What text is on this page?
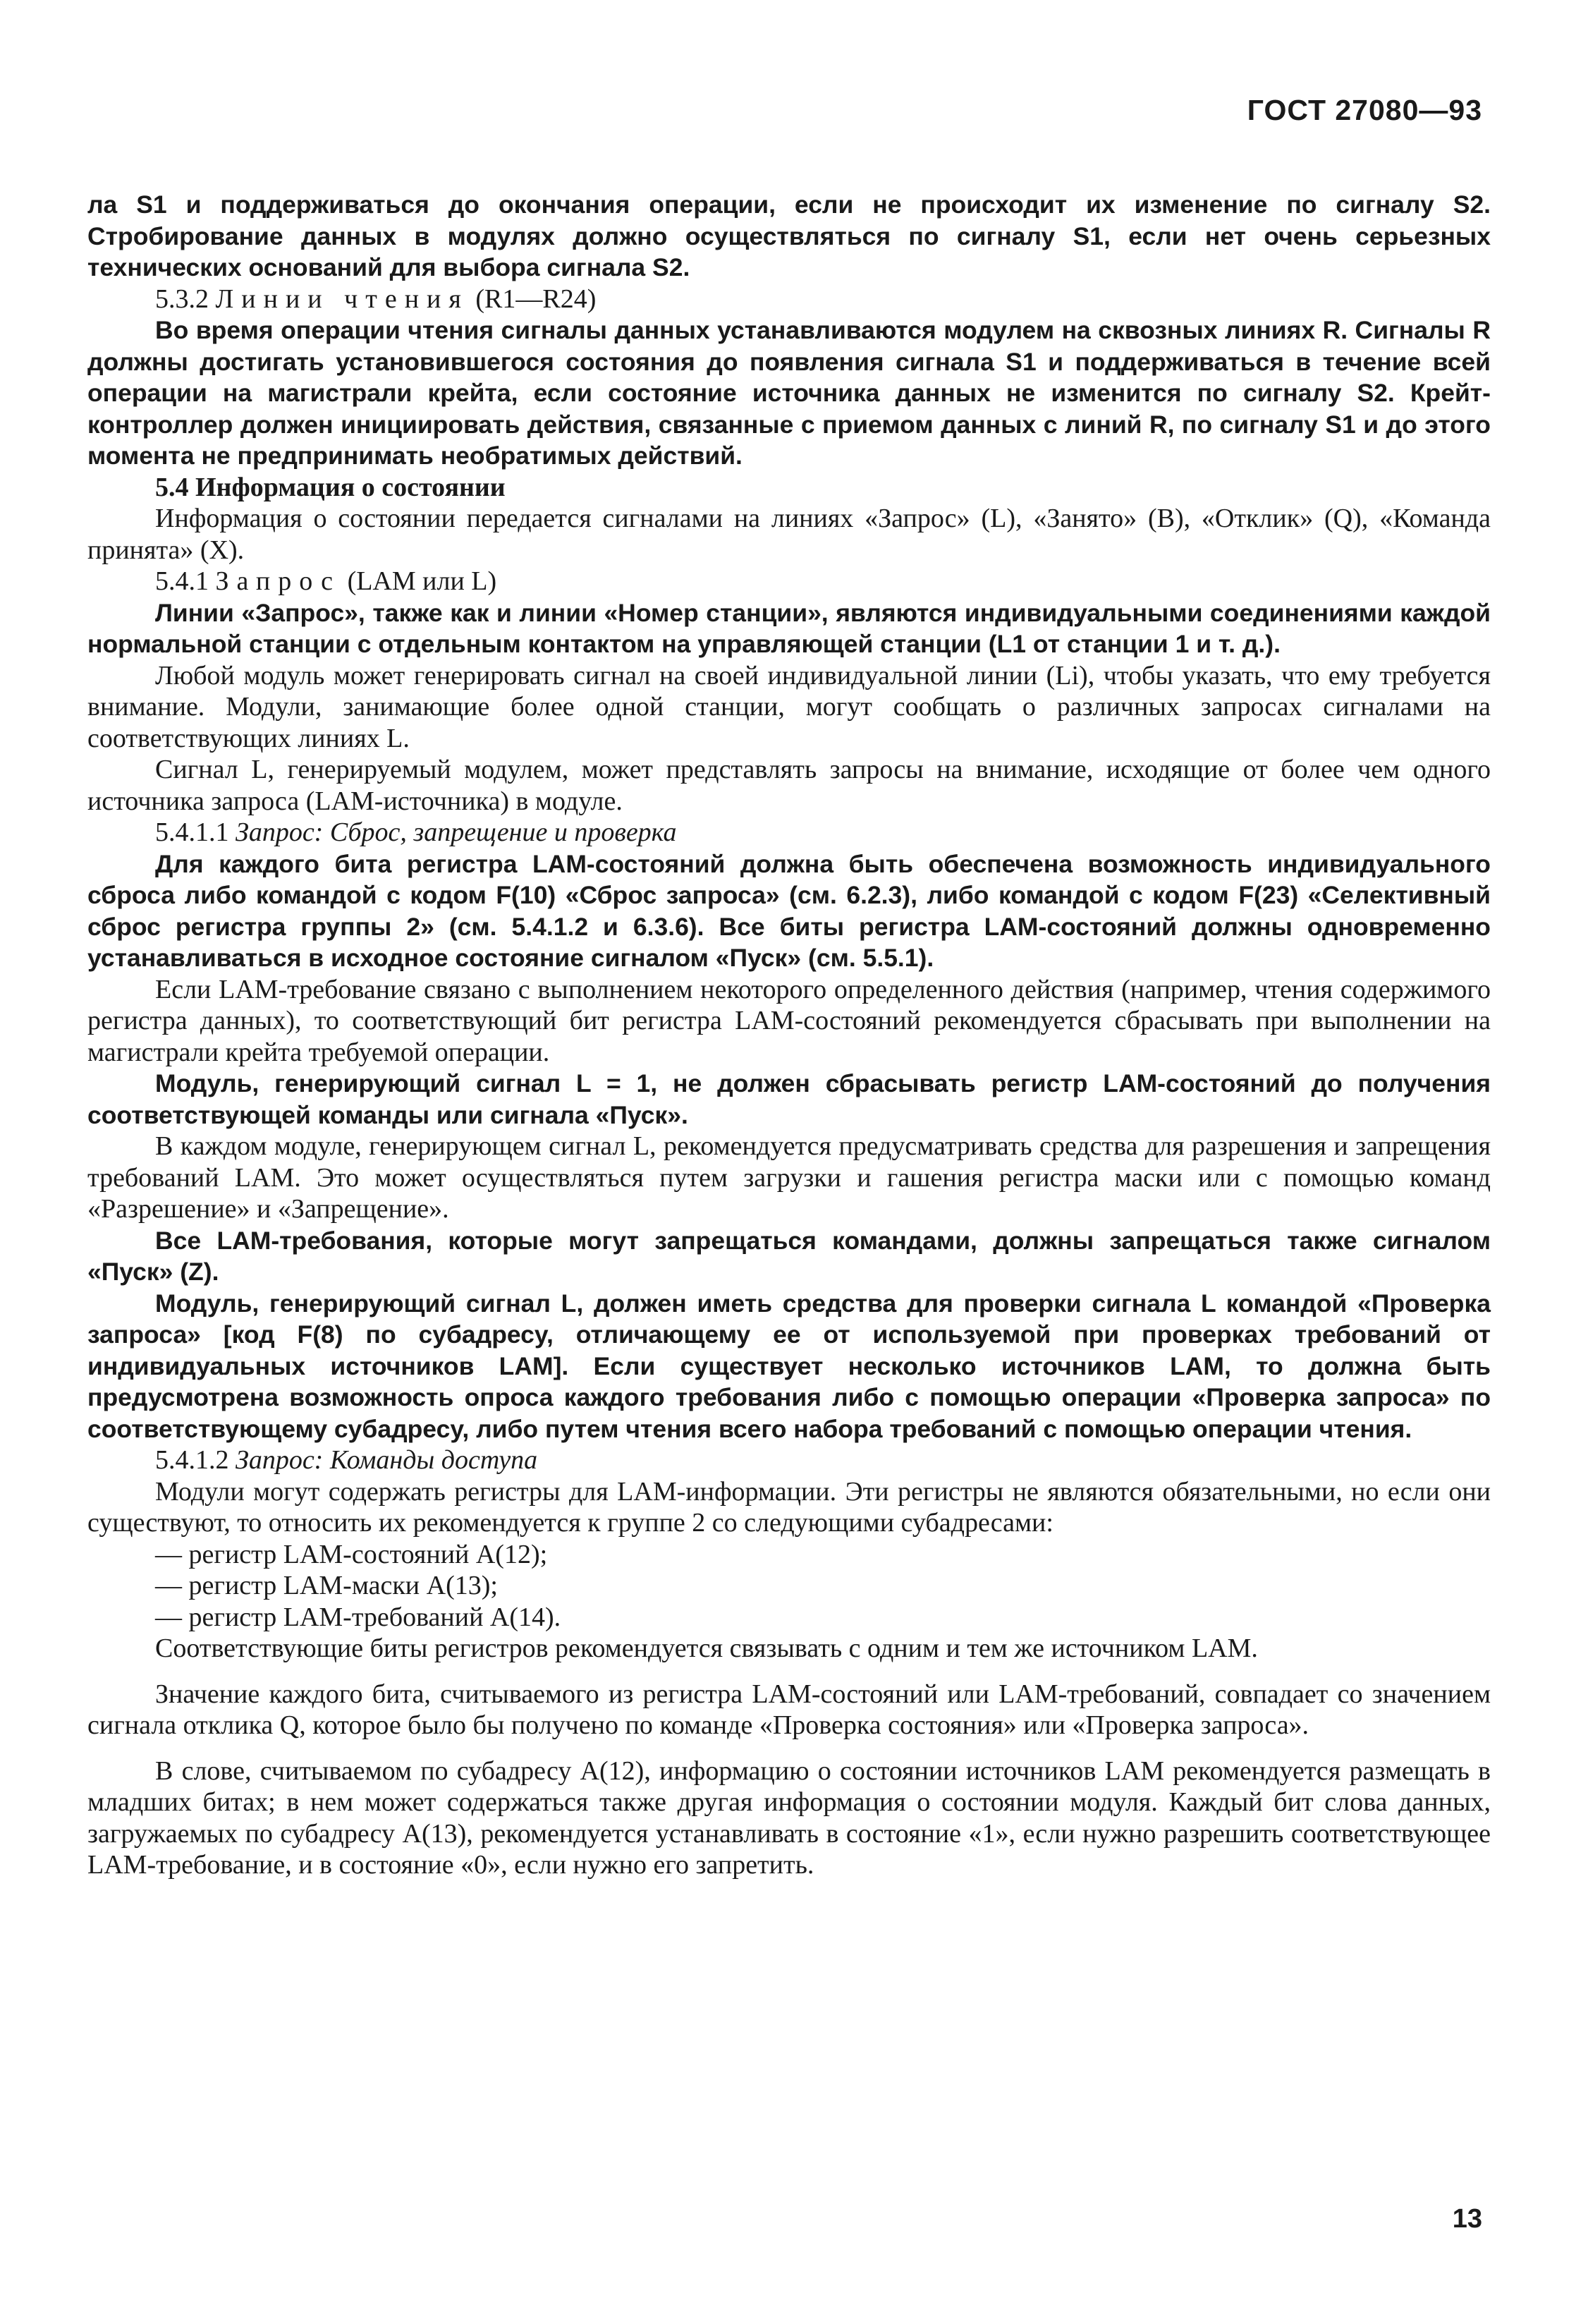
ГОСТ 27080—93

ла S1 и поддерживаться до окончания операции, если не происходит их изменение по сигналу S2. Стробирование данных в модулях должно осуществляться по сигналу S1, если нет очень серьезных технических оснований для выбора сигнала S2.

5.3.2 Линии чтения (R1—R24)

Во время операции чтения сигналы данных устанавливаются модулем на сквозных линиях R. Сигналы R должны достигать установившегося состояния до появления сигнала S1 и поддерживаться в течение всей операции на магистрали крейта, если состояние источника данных не изменится по сигналу S2. Крейт-контроллер должен инициировать действия, связанные с приемом данных с линий R, по сигналу S1 и до этого момента не предпринимать необратимых действий.

5.4 Информация о состоянии

Информация о состоянии передается сигналами на линиях «Запрос» (L), «Занято» (В), «Отклик» (Q), «Команда принята» (X).

5.4.1 Запрос (LAM или L)

Линии «Запрос», также как и линии «Номер станции», являются индивидуальными соединениями каждой нормальной станции с отдельным контактом на управляющей станции (L1 от станции 1 и т. д.).

Любой модуль может генерировать сигнал на своей индивидуальной линии (Li), чтобы указать, что ему требуется внимание. Модули, занимающие более одной станции, могут сообщать о различных запросах сигналами на соответствующих линиях L.

Сигнал L, генерируемый модулем, может представлять запросы на внимание, исходящие от более чем одного источника запроса (LAM-источника) в модуле.

5.4.1.1 Запрос: Сброс, запрещение и проверка

Для каждого бита регистра LAM-состояний должна быть обеспечена возможность индивидуального сброса либо командой с кодом F(10) «Сброс запроса» (см. 6.2.3), либо командой с кодом F(23) «Селективный сброс регистра группы 2» (см. 5.4.1.2 и 6.3.6). Все биты регистра LAM-состояний должны одновременно устанавливаться в исходное состояние сигналом «Пуск» (см. 5.5.1).

Если LAM-требование связано с выполнением некоторого определенного действия (например, чтения содержимого регистра данных), то соответствующий бит регистра LAM-состояний рекомендуется сбрасывать при выполнении на магистрали крейта требуемой операции.

Модуль, генерирующий сигнал L = 1, не должен сбрасывать регистр LAM-состояний до получения соответствующей команды или сигнала «Пуск».

В каждом модуле, генерирующем сигнал L, рекомендуется предусматривать средства для разрешения и запрещения требований LAM. Это может осуществляться путем загрузки и гашения регистра маски или с помощью команд «Разрешение» и «Запрещение».

Все LAM-требования, которые могут запрещаться командами, должны запрещаться также сигналом «Пуск» (Z).

Модуль, генерирующий сигнал L, должен иметь средства для проверки сигнала L командой «Проверка запроса» [код F(8) по субадресу, отличающему ее от используемой при проверках требований от индивидуальных источников LAM]. Если существует несколько источников LAM, то должна быть предусмотрена возможность опроса каждого требования либо с помощью операции «Проверка запроса» по соответствующему субадресу, либо путем чтения всего набора требований с помощью операции чтения.

5.4.1.2 Запрос: Команды доступа

Модули могут содержать регистры для LAM-информации. Эти регистры не являются обязательными, но если они существуют, то относить их рекомендуется к группе 2 со следующими субадресами:

— регистр LAM-состояний А(12);

— регистр LAM-маски А(13);

— регистр LAM-требований А(14).

Соответствующие биты регистров рекомендуется связывать с одним и тем же источником LAM.

Значение каждого бита, считываемого из регистра LAM-состояний или LAM-требований, совпадает со значением сигнала отклика Q, которое было бы получено по команде «Проверка состояния» или «Проверка запроса».

В слове, считываемом по субадресу А(12), информацию о состоянии источников LAM рекомендуется размещать в младших битах; в нем может содержаться также другая информация о состоянии модуля. Каждый бит слова данных, загружаемых по субадресу А(13), рекомендуется устанавливать в состояние «1», если нужно разрешить соответствующее LAM-требование, и в состояние «0», если нужно его запретить.

13
